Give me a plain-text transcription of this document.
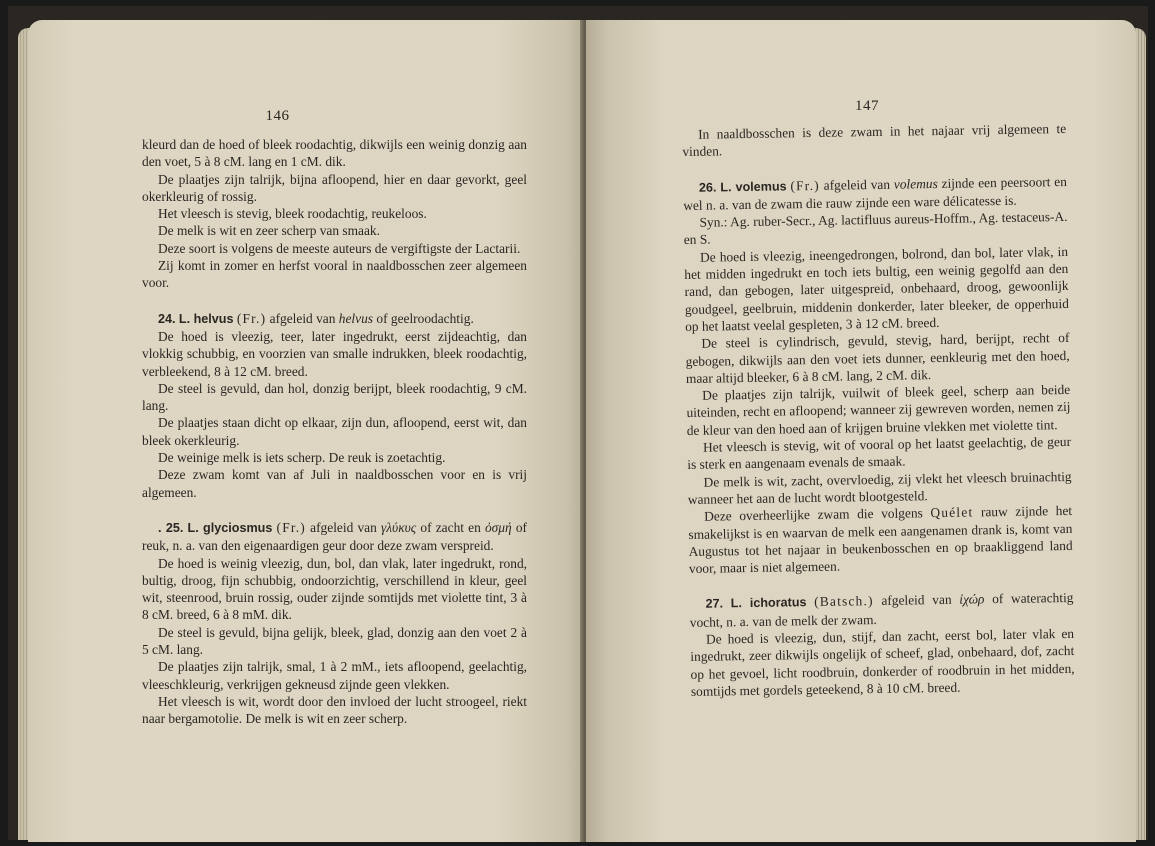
146

kleurd dan de hoed of bleek roodachtig, dikwijls een weinig donzig aan den voet, 5 à 8 cM. lang en 1 cM. dik.

De plaatjes zijn talrijk, bijna afloopend, hier en daar gevorkt, geel okerkleurig of rossig.

Het vleesch is stevig, bleek roodachtig, reukeloos.

De melk is wit en zeer scherp van smaak.

Deze soort is volgens de meeste auteurs de vergiftigste der Lactarii.

Zij komt in zomer en herfst vooral in naaldbosschen zeer algemeen voor.

24. L. helvus (Fr.) afgeleid van helvus of geelroodachtig.

De hoed is vleezig, teer, later ingedrukt, eerst zijdeachtig, dan vlokkig schubbig, en voorzien van smalle indrukken, bleek roodachtig, verbleekend, 8 à 12 cM. breed.

De steel is gevuld, dan hol, donzig berijpt, bleek roodachtig, 9 cM. lang.

De plaatjes staan dicht op elkaar, zijn dun, afloopend, eerst wit, dan bleek okerkleurig.

De weinige melk is iets scherp. De reuk is zoetachtig.

Deze zwam komt van af Juli in naaldbosschen voor en is vrij algemeen.

. 25. L. glyciosmus (Fr.) afgeleid van γλύκυς of zacht en ὀσμή of reuk, n. a. van den eigenaardigen geur door deze zwam verspreid.

De hoed is weinig vleezig, dun, bol, dan vlak, later ingedrukt, rond, bultig, droog, fijn schubbig, ondoorzichtig, verschillend in kleur, geel wit, steenrood, bruin rossig, ouder zijnde somtijds met violette tint, 3 à 8 cM. breed, 6 à 8 mM. dik.

De steel is gevuld, bijna gelijk, bleek, glad, donzig aan den voet 2 à 5 cM. lang.

De plaatjes zijn talrijk, smal, 1 à 2 mM., iets afloopend, geelachtig, vleeschkleurig, verkrijgen gekneusd zijnde geen vlekken.

Het vleesch is wit, wordt door den invloed der lucht stroogeel, riekt naar bergamotolie. De melk is wit en zeer scherp.

147

In naaldbosschen is deze zwam in het najaar vrij algemeen te vinden.

26. L. volemus (Fr.) afgeleid van volemus zijnde een peersoort en wel n. a. van de zwam die rauw zijnde een ware délicatesse is.

Syn.: Ag. ruber-Secr., Ag. lactifluus aureus-Hoffm., Ag. testaceus-A. en S.

De hoed is vleezig, ineengedrongen, bolrond, dan bol, later vlak, in het midden ingedrukt en toch iets bultig, een weinig gegolfd aan den rand, dan gebogen, later uitgespreid, onbehaard, droog, gewoonlijk goudgeel, geelbruin, middenin donkerder, later bleeker, de opperhuid op het laatst veelal gespleten, 3 à 12 cM. breed.

De steel is cylindrisch, gevuld, stevig, hard, berijpt, recht of gebogen, dikwijls aan den voet iets dunner, eenkleurig met den hoed, maar altijd bleeker, 6 à 8 cM. lang, 2 cM. dik.

De plaatjes zijn talrijk, vuilwit of bleek geel, scherp aan beide uiteinden, recht en afloopend; wanneer zij gewreven worden, nemen zij de kleur van den hoed aan of krijgen bruine vlekken met violette tint.

Het vleesch is stevig, wit of vooral op het laatst geelachtig, de geur is sterk en aangenaam evenals de smaak.

De melk is wit, zacht, overvloedig, zij vlekt het vleesch bruinachtig wanneer het aan de lucht wordt blootgesteld.

Deze overheerlijke zwam die volgens Quélet rauw zijnde het smakelijkst is en waarvan de melk een aangenamen drank is, komt van Augustus tot het najaar in beukenbosschen en op braakliggend land voor, maar is niet algemeen.

27. L. ichoratus (Batsch.) afgeleid van ἰχώρ of waterachtig vocht, n. a. van de melk der zwam.

De hoed is vleezig, dun, stijf, dan zacht, eerst bol, later vlak en ingedrukt, zeer dikwijls ongelijk of scheef, glad, onbehaard, dof, zacht op het gevoel, licht roodbruin, donkerder of roodbruin in het midden, somtijds met gordels geteekend, 8 à 10 cM. breed.
